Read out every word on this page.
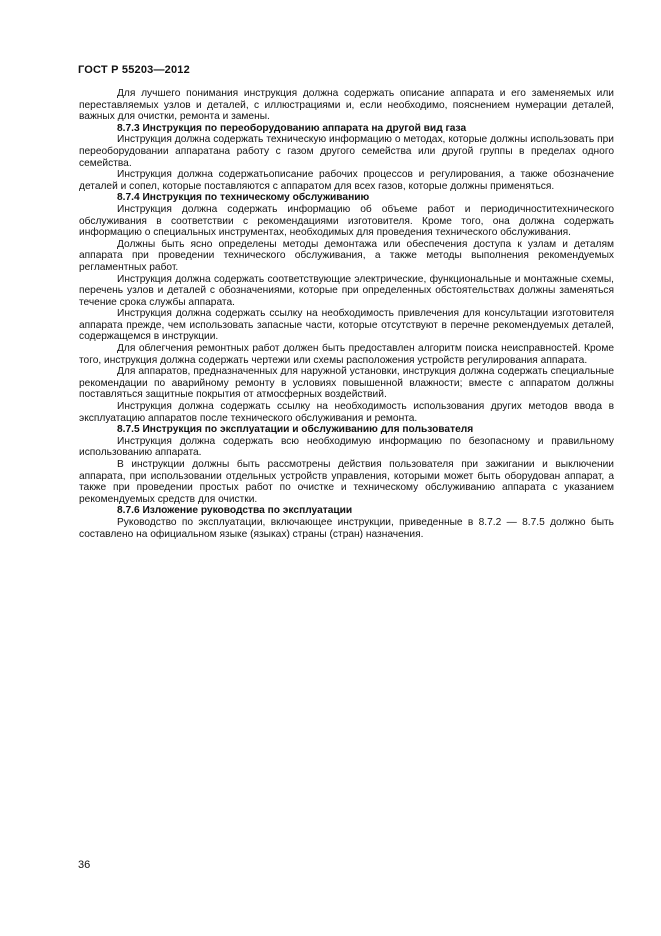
ГОСТ Р 55203—2012

Для лучшего понимания инструкция должна содержать описание аппарата и его заменяемых или переставляемых узлов и деталей, с иллюстрациями и, если необходимо, пояснением нумерации деталей, важных для очистки, ремонта и замены.

8.7.3 Инструкция по переоборудованию аппарата на другой вид газа

Инструкция должна содержать техническую информацию о методах, которые должны использовать при переоборудовании аппаратана работу с газом другого семейства или другой группы в пределах одного семейства.

Инструкция должна содержатьописание рабочих процессов и регулирования, а также обозначение деталей и сопел, которые поставляются с аппаратом для всех газов, которые должны применяться.

8.7.4 Инструкция по техническому обслуживанию

Инструкция должна содержать информацию об объеме работ и периодичноститехнического обслуживания в соответствии с рекомендациями изготовителя. Кроме того, она должна содержать информацию о специальных инструментах, необходимых для проведения технического обслуживания.

Должны быть ясно определены методы демонтажа или обеспечения доступа к узлам и деталям аппарата при проведении технического обслуживания, а также методы выполнения рекомендуемых регламентных работ.

Инструкция должна содержать соответствующие электрические, функциональные и монтажные схемы, перечень узлов и деталей с обозначениями, которые при определенных обстоятельствах должны заменяться течение срока службы аппарата.

Инструкция должна содержать ссылку на необходимость привлечения для консультации изготовителя аппарата прежде, чем использовать запасные части, которые отсутствуют в перечне рекомендуемых деталей, содержащемся в инструкции.

Для облегчения ремонтных работ должен быть предоставлен алгоритм поиска неисправностей. Кроме того, инструкция должна содержать чертежи или схемы расположения устройств регулирования аппарата.

Для аппаратов, предназначенных для наружной установки, инструкция должна содержать специальные рекомендации по аварийному ремонту в условиях повышенной влажности; вместе с аппаратом должны поставляться защитные покрытия от атмосферных воздействий.

Инструкция должна содержать ссылку на необходимость использования других методов ввода в эксплуатацию аппаратов после технического обслуживания и ремонта.

8.7.5 Инструкция по эксплуатации и обслуживанию для пользователя

Инструкция должна содержать всю необходимую информацию по безопасному и правильному использованию аппарата.

В инструкции должны быть рассмотрены действия пользователя при зажигании и выключении аппарата, при использовании отдельных устройств управления, которыми может быть оборудован аппарат, а также при проведении простых работ по очистке и техническому обслуживанию аппарата с указанием рекомендуемых средств для очистки.

8.7.6 Изложение руководства по эксплуатации

Руководство по эксплуатации, включающее инструкции, приведенные в 8.7.2 — 8.7.5 должно быть составлено на официальном языке (языках) страны (стран) назначения.

36
